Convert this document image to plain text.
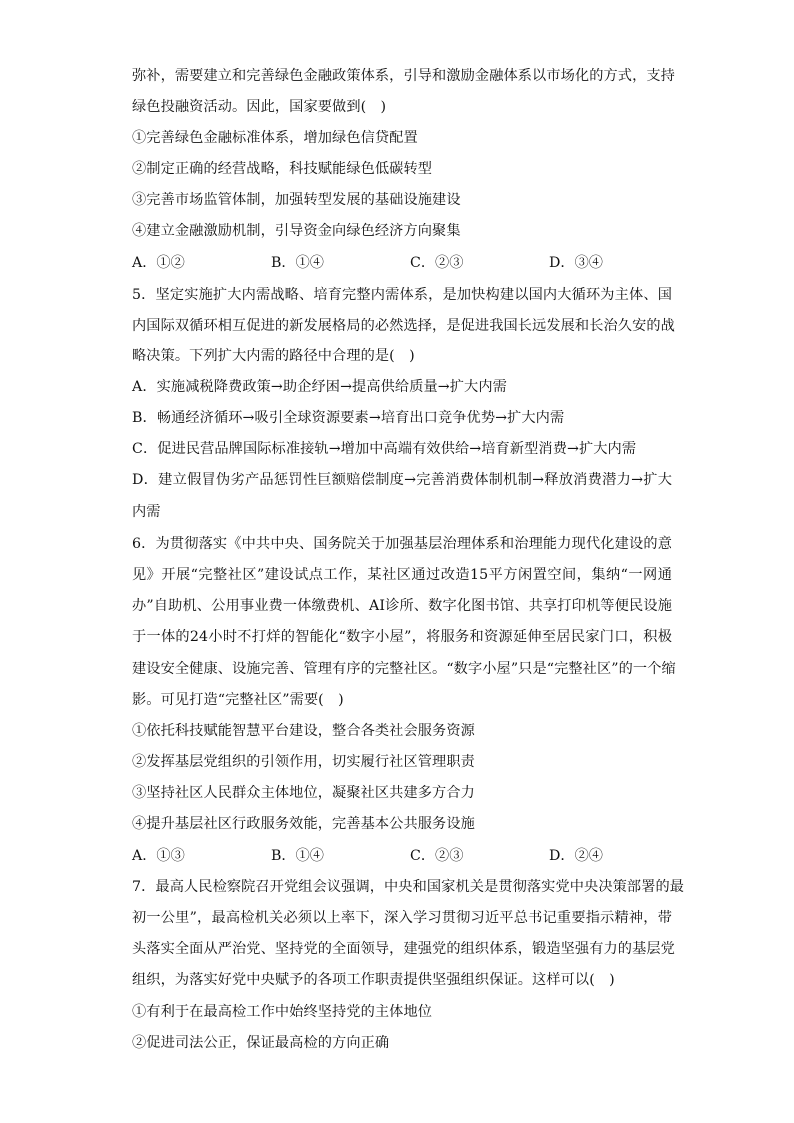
弥补，需要建立和完善绿色金融政策体系，引导和激励金融体系以市场化的方式，支持
绿色投融资活动。因此，国家要做到(　)
①完善绿色金融标准体系，增加绿色信贷配置
②制定正确的经营战略，科技赋能绿色低碳转型
③完善市场监管体制，加强转型发展的基础设施建设
④建立金融激励机制，引导资金向绿色经济方向聚集
A．①②	B．①④	C．②③	D．③④
5．坚定实施扩大内需战略、培育完整内需体系，是加快构建以国内大循环为主体、国
内国际双循环相互促进的新发展格局的必然选择，是促进我国长远发展和长治久安的战
略决策。下列扩大内需的路径中合理的是(　)
A．实施减税降费政策→助企纾困→提高供给质量→扩大内需
B．畅通经济循环→吸引全球资源要素→培育出口竞争优势→扩大内需
C．促进民营品牌国际标准接轨→增加中高端有效供给→培育新型消费→扩大内需
D．建立假冒伪劣产品惩罚性巨额赔偿制度→完善消费体制机制→释放消费潜力→扩大
内需
6．为贯彻落实《中共中央、国务院关于加强基层治理体系和治理能力现代化建设的意
见》开展“完整社区”建设试点工作，某社区通过改造15平方闲置空间，集纳“一网通
办”自助机、公用事业费一体缴费机、AI诊所、数字化图书馆、共享打印机等便民设施
于一体的24小时不打烊的智能化“数字小屋”，将服务和资源延伸至居民家门口，积极
建设安全健康、设施完善、管理有序的完整社区。“数字小屋”只是“完整社区”的一个缩
影。可见打造“完整社区”需要(　)
①依托科技赋能智慧平台建设，整合各类社会服务资源
②发挥基层党组织的引领作用，切实履行社区管理职责
③坚持社区人民群众主体地位，凝聚社区共建多方合力
④提升基层社区行政服务效能，完善基本公共服务设施
A．①③	B．①④	C．②③	D．②④
7．最高人民检察院召开党组会议强调，中央和国家机关是贯彻落实党中央决策部署的最
初一公里”，最高检机关必须以上率下，深入学习贯彻习近平总书记重要指示精神，带
头落实全面从严治党、坚持党的全面领导，建强党的组织体系，锻造坚强有力的基层党
组织，为落实好党中央赋予的各项工作职责提供坚强组织保证。这样可以(　)
①有利于在最高检工作中始终坚持党的主体地位
②促进司法公正，保证最高检的方向正确
